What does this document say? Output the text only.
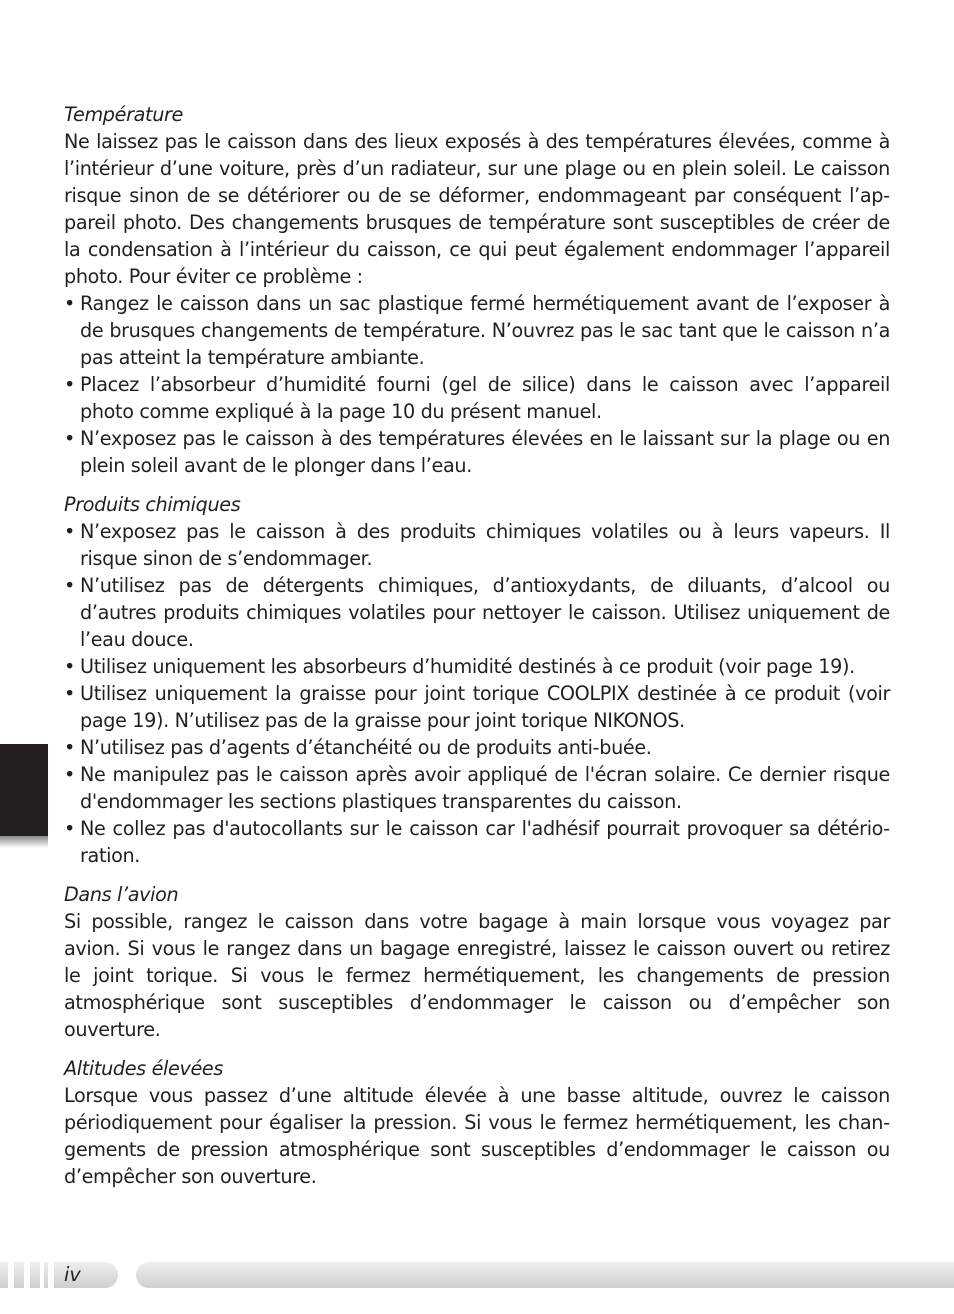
Température

Ne laissez pas le caisson dans des lieux exposés à des températures élevées, comme à l’intérieur d’une voiture, près d’un radiateur, sur une plage ou en plein soleil. Le caisson risque sinon de se détériorer ou de se déformer, endommageant par conséquent l’appareil photo. Des changements brusques de température sont susceptibles de créer de la condensation à l’intérieur du caisson, ce qui peut également endommager l’appareil photo. Pour éviter ce problème :

• Rangez le caisson dans un sac plastique fermé hermétiquement avant de l’exposer à de brusques changements de température. N’ouvrez pas le sac tant que le caisson n’a pas atteint la température ambiante.
• Placez l’absorbeur d’humidité fourni (gel de silice) dans le caisson avec l’appareil photo comme expliqué à la page 10 du présent manuel.
• N’exposez pas le caisson à des températures élevées en le laissant sur la plage ou en plein soleil avant de le plonger dans l’eau.
Produits chimiques
• N’exposez pas le caisson à des produits chimiques volatiles ou à leurs vapeurs. Il risque sinon de s’endommager.
• N’utilisez pas de détergents chimiques, d’antioxydants, de diluants, d’alcool ou d’autres produits chimiques volatiles pour nettoyer le caisson. Utilisez uniquement de l’eau douce.
• Utilisez uniquement les absorbeurs d’humidité destinés à ce produit (voir page 19).
• Utilisez uniquement la graisse pour joint torique COOLPIX destinée à ce produit (voir page 19). N’utilisez pas de la graisse pour joint torique NIKONOS.
• N’utilisez pas d’agents d’étanchéité ou de produits anti-buée.
• Ne manipulez pas le caisson après avoir appliqué de l'écran solaire. Ce dernier risque d'endommager les sections plastiques transparentes du caisson.
• Ne collez pas d'autocollants sur le caisson car l'adhésif pourrait provoquer sa détérioration.
Dans l’avion

Si possible, rangez le caisson dans votre bagage à main lorsque vous voyagez par avion. Si vous le rangez dans un bagage enregistré, laissez le caisson ouvert ou retirez le joint torique. Si vous le fermez hermétiquement, les changements de pression atmosphérique sont susceptibles d’endommager le caisson ou d’empêcher son ouverture.

Altitudes élevées

Lorsque vous passez d’une altitude élevée à une basse altitude, ouvrez le caisson périodiquement pour égaliser la pression. Si vous le fermez hermétiquement, les changements de pression atmosphérique sont susceptibles d’endommager le caisson ou d’empêcher son ouverture.

iv
